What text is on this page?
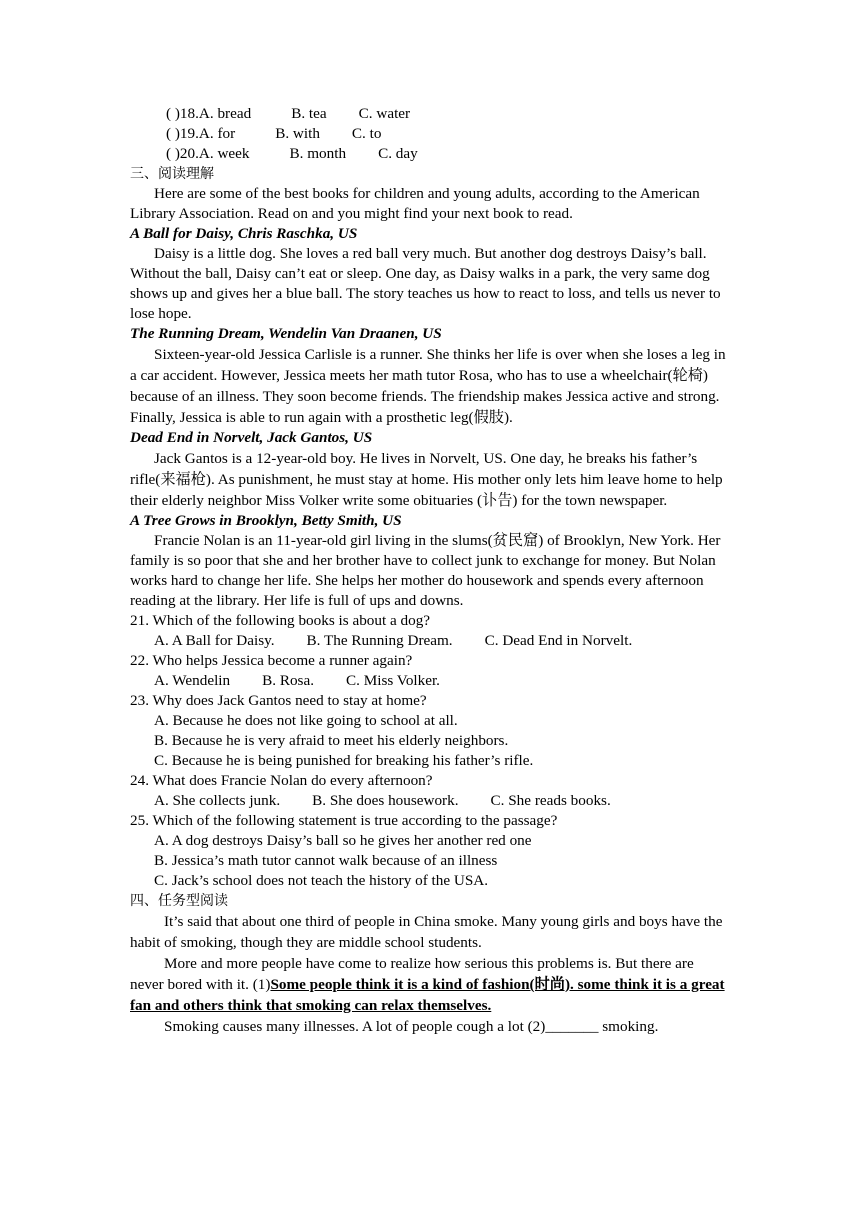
( )18.A. bread	B. tea C. water
( )19.A. for	B. with C. to
( )20.A. week	B. month C. day
三、阅读理解

Here are some of the best books for children and young adults, according to the American Library Association. Read on and you might find your next book to read.

A Ball for Daisy, Chris Raschka, US

Daisy is a little dog. She loves a red ball very much. But another dog destroys Daisy’s ball. Without the ball, Daisy can’t eat or sleep. One day, as Daisy walks in a park, the very same dog shows up and gives her a blue ball. The story teaches us how to react to loss, and tells us never to lose hope.

The Running Dream, Wendelin Van Draanen, US

Sixteen-year-old Jessica Carlisle is a runner. She thinks her life is over when she loses a leg in a car accident. However, Jessica meets her math tutor Rosa, who has to use a wheelchair(轮椅) because of an illness. They soon become friends. The friendship makes Jessica active and strong. Finally, Jessica is able to run again with a prosthetic leg(假肢).

Dead End in Norvelt, Jack Gantos, US

Jack Gantos is a 12-year-old boy. He lives in Norvelt, US. One day, he breaks his father’s rifle(来福枪). As punishment, he must stay at home. His mother only lets him leave home to help their elderly neighbor Miss Volker write some obituaries (讣告) for the town newspaper.

A Tree Grows in Brooklyn, Betty Smith, US

Francie Nolan is an 11-year-old girl living in the slums(贫民窟) of Brooklyn, New York. Her family is so poor that she and her brother have to collect junk to exchange for money. But Nolan works hard to change her life. She helps her mother do housework and spends every afternoon reading at the library. Her life is full of ups and downs.

21. Which of the following books is about a dog?
A. A Ball for Daisy. B. The Running Dream. C. Dead End in Norvelt.
22. Who helps Jessica become a runner again?
A. Wendelin B. Rosa. C. Miss Volker.
23. Why does Jack Gantos need to stay at home?
A. Because he does not like going to school at all.
B. Because he is very afraid to meet his elderly neighbors.
C. Because he is being punished for breaking his father’s rifle.
24. What does Francie Nolan do every afternoon?
A. She collects junk. B. She does housework. C. She reads books.
25. Which of the following statement is true according to the passage?
A. A dog destroys Daisy’s ball so he gives her another red one
B. Jessica’s math tutor cannot walk because of an illness
C. Jack’s school does not teach the history of the USA.
四、任务型阅读

It’s said that about one third of people in China smoke. Many young girls and boys have the habit of smoking, though they are middle school students.

More and more people have come to realize how serious this problems is. But there are never bored with it. (1)Some people think it is a kind of fashion(时尚). some think it is a great fan and others think that smoking can relax themselves.

Smoking causes many illnesses. A lot of people cough a lot (2)_______ smoking.
